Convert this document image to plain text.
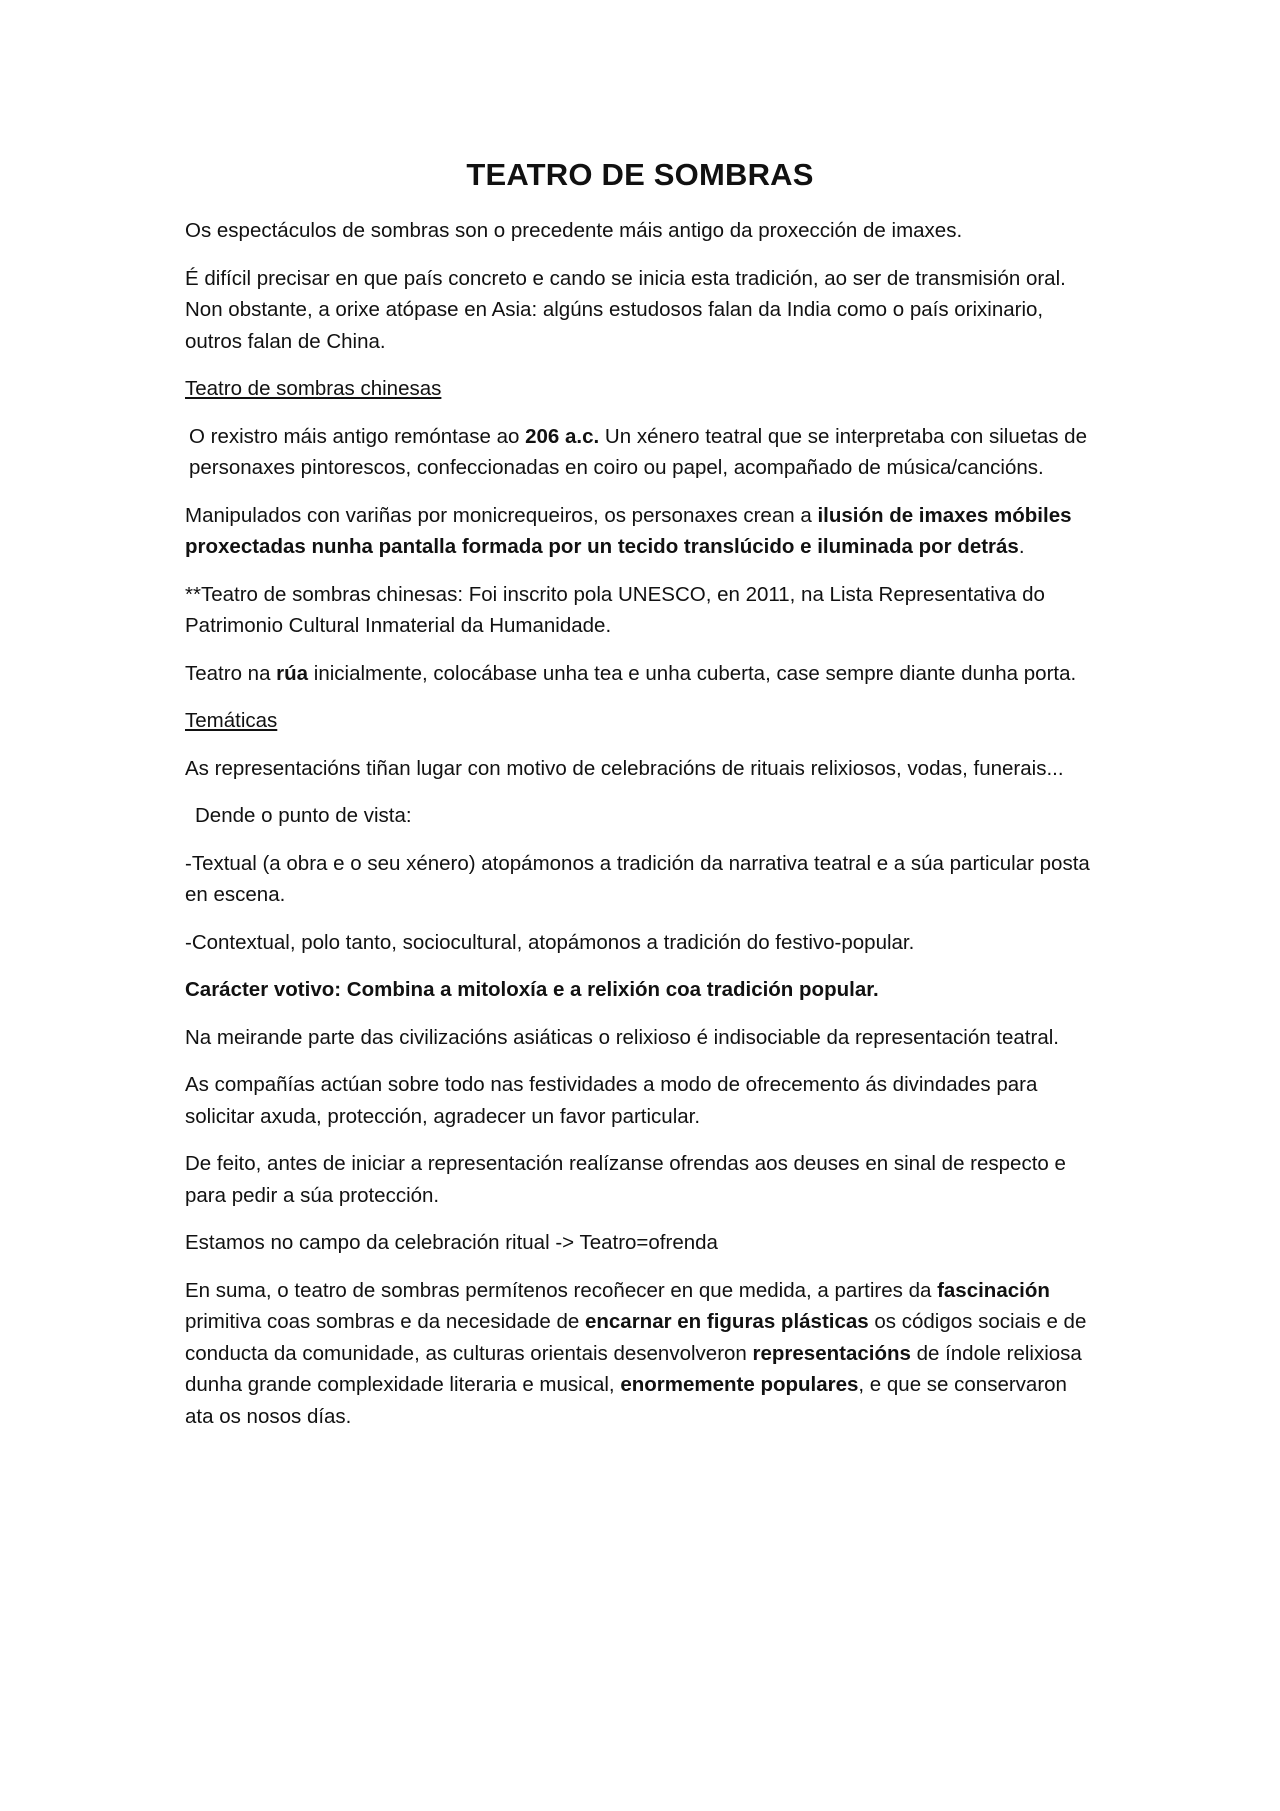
TEATRO DE SOMBRAS

Os espectáculos de sombras son o precedente máis antigo da proxección de imaxes.

É difícil precisar en que país concreto e cando se inicia esta tradición, ao ser de transmisión oral. Non obstante, a orixe atópase en Asia: algúns estudosos falan da India como o país orixinario, outros falan de China.

Teatro de sombras chinesas

O rexistro máis antigo remóntase ao 206 a.c. Un xénero teatral que se interpretaba con siluetas de personaxes pintorescos, confeccionadas en coiro ou papel, acompañado de música/cancións.

Manipulados con variñas por monicrequeiros, os personaxes crean a ilusión de imaxes móbiles proxectadas nunha pantalla formada por un tecido translúcido e iluminada por detrás.

**Teatro de sombras chinesas: Foi inscrito pola UNESCO, en 2011, na Lista Representativa do Patrimonio Cultural Inmaterial da Humanidade.

Teatro na rúa inicialmente, colocábase unha tea e unha cuberta, case sempre diante dunha porta.

Temáticas

As representacións tiñan lugar con motivo de celebracións de rituais relixiosos, vodas, funerais...

Dende o punto de vista:

-Textual (a obra e o seu xénero) atopámonos a tradición da narrativa teatral e a súa particular posta en escena.

-Contextual, polo tanto, sociocultural, atopámonos a tradición do festivo-popular.

Carácter votivo: Combina a mitoloxía e a relixión coa tradición popular.

Na meirande parte das civilizacións asiáticas o relixioso é indisociable da representación teatral.

As compañías actúan sobre todo nas festividades a modo de ofrecemento ás divindades para solicitar axuda, protección, agradecer un favor particular.

De feito, antes de iniciar a representación realízanse ofrendas aos deuses en sinal de respecto e para pedir a súa protección.

Estamos no campo da celebración ritual -> Teatro=ofrenda

En suma, o teatro de sombras permítenos recoñecer en que medida, a partires da fascinación primitiva coas sombras e da necesidade de encarnar en figuras plásticas os códigos sociais e de conducta da comunidade, as culturas orientais desenvolveron representacións de índole relixiosa dunha grande complexidade literaria e musical, enormemente populares, e que se conservaron ata os nosos días.
